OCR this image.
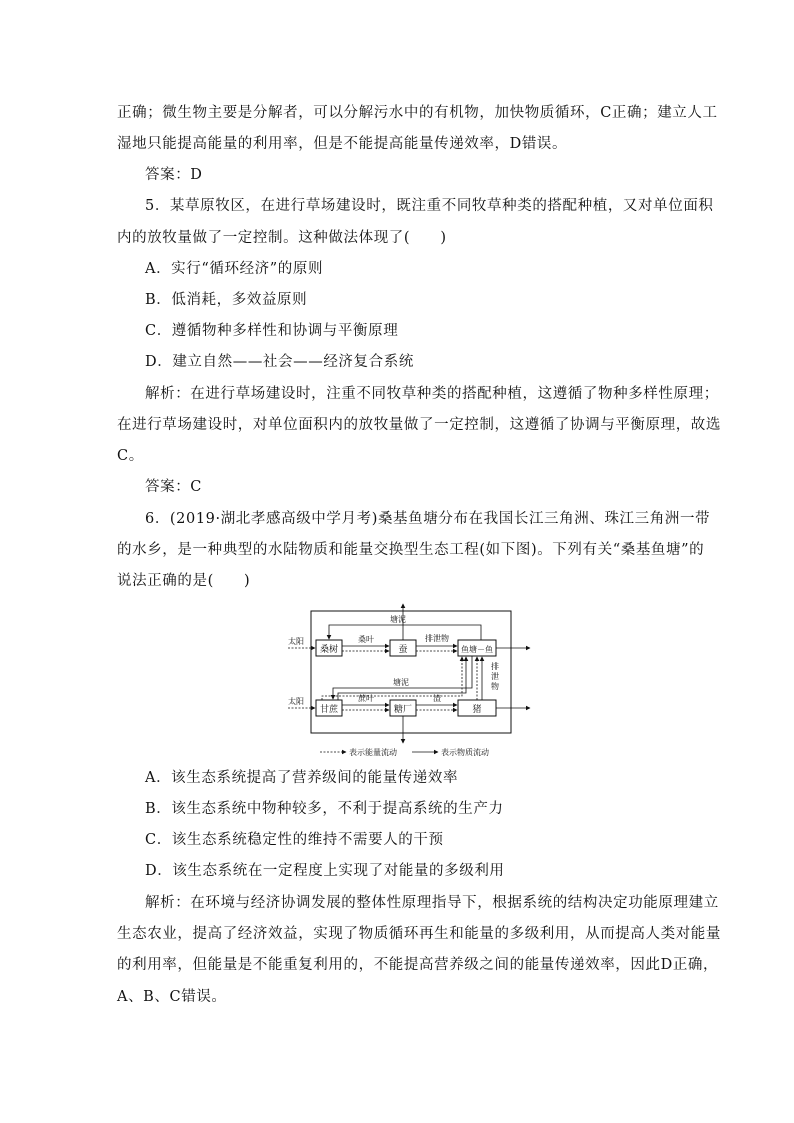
正确；微生物主要是分解者，可以分解污水中的有机物，加快物质循环，C正确；建立人工
湿地只能提高能量的利用率，但是不能提高能量传递效率，D错误。
答案：D
5．某草原牧区，在进行草场建设时，既注重不同牧草种类的搭配种植，又对单位面积
内的放牧量做了一定控制。这种做法体现了(　　)
A．实行“循环经济”的原则
B．低消耗，多效益原则
C．遵循物种多样性和协调与平衡原理
D．建立自然——社会——经济复合系统
解析：在进行草场建设时，注重不同牧草种类的搭配种植，这遵循了物种多样性原理；
在进行草场建设时，对单位面积内的放牧量做了一定控制，这遵循了协调与平衡原理，故选
C。
答案：C
6．(2019·湖北孝感高级中学月考)桑基鱼塘分布在我国长江三角洲、珠江三角洲一带
的水乡，是一种典型的水陆物质和能量交换型生态工程(如下图)。下列有关“桑基鱼塘”的
说法正确的是(　　)
桑树	蚕	鱼塘－鱼
甘蔗	糖厂	猪
太阳
太阳
桑叶	排泄物
塘泥
塘泥
排
泄
物
蔗叶	渣
表示能量流动	表示物质流动
A．该生态系统提高了营养级间的能量传递效率
B．该生态系统中物种较多，不利于提高系统的生产力
C．该生态系统稳定性的维持不需要人的干预
D．该生态系统在一定程度上实现了对能量的多级利用
解析：在环境与经济协调发展的整体性原理指导下，根据系统的结构决定功能原理建立
生态农业，提高了经济效益，实现了物质循环再生和能量的多级利用，从而提高人类对能量
的利用率，但能量是不能重复利用的，不能提高营养级之间的能量传递效率，因此D正确，
A、B、C错误。
